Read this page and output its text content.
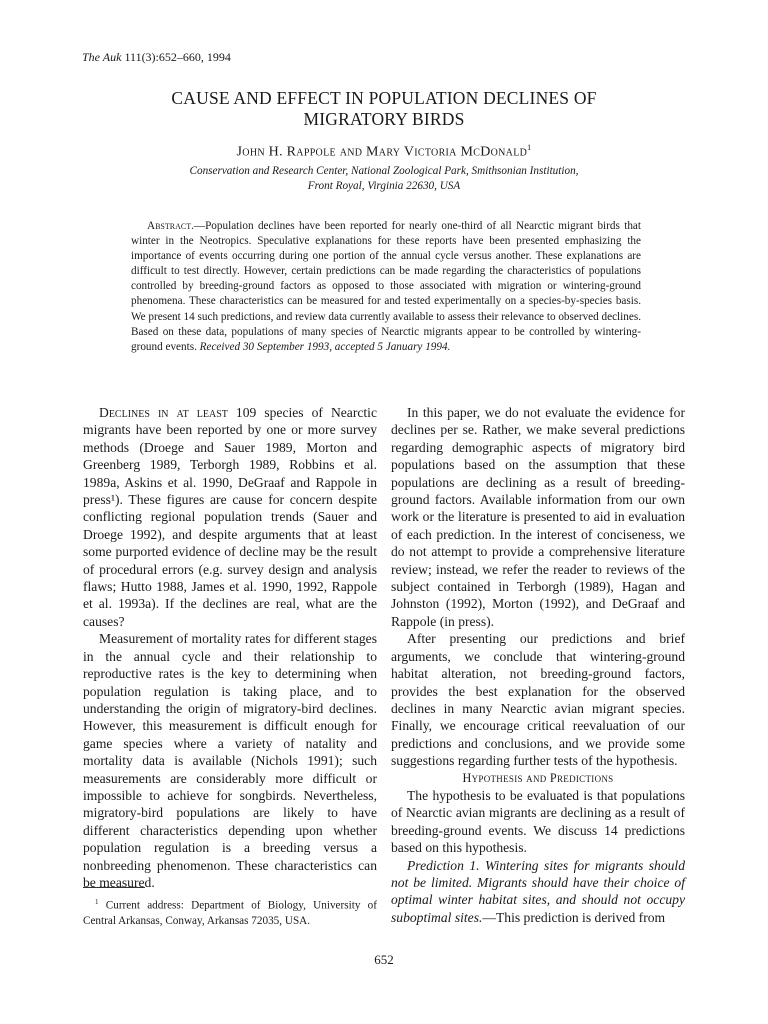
The Auk 111(3):652–660, 1994
CAUSE AND EFFECT IN POPULATION DECLINES OF
MIGRATORY BIRDS
John H. Rappole and Mary Victoria McDonald$^1$
Conservation and Research Center, National Zoological Park, Smithsonian Institution,
Front Royal, Virginia 22630, USA
Abstract.—Population declines have been reported for nearly one-third of all Nearctic migrant birds that winter in the Neotropics. Speculative explanations for these reports have been presented emphasizing the importance of events occurring during one portion of the annual cycle versus another. These explanations are difficult to test directly. However, certain predictions can be made regarding the characteristics of populations controlled by breeding-ground factors as opposed to those associated with migration or wintering-ground phenomena. These characteristics can be measured for and tested experimentally on a species-by-species basis. We present 14 such predictions, and review data currently available to assess their relevance to observed declines. Based on these data, populations of many species of Nearctic migrants appear to be controlled by wintering-ground events. Received 30 September 1993, accepted 5 January 1994.

Declines in at least 109 species of Nearctic migrants have been reported by one or more survey methods (Droege and Sauer 1989, Morton and Greenberg 1989, Terborgh 1989, Robbins et al. 1989a, Askins et al. 1990, DeGraaf and Rappole in press¹). These figures are cause for concern despite conflicting regional population trends (Sauer and Droege 1992), and despite arguments that at least some purported evidence of decline may be the result of procedural errors (e.g. survey design and analysis flaws; Hutto 1988, James et al. 1990, 1992, Rappole et al. 1993a). If the declines are real, what are the causes?

Measurement of mortality rates for different stages in the annual cycle and their relationship to reproductive rates is the key to determining when population regulation is taking place, and to understanding the origin of migratory-bird declines. However, this measurement is difficult enough for game species where a variety of natality and mortality data is available (Nichols 1991); such measurements are considerably more difficult or impossible to achieve for songbirds. Nevertheless, migratory-bird populations are likely to have different characteristics depending upon whether population regulation is a breeding versus a nonbreeding phenomenon. These characteristics can be measured.

In this paper, we do not evaluate the evidence for declines per se. Rather, we make several predictions regarding demographic aspects of migratory bird populations based on the assumption that these populations are declining as a result of breeding-ground factors. Available information from our own work or the literature is presented to aid in evaluation of each prediction. In the interest of conciseness, we do not attempt to provide a comprehensive literature review; instead, we refer the reader to reviews of the subject contained in Terborgh (1989), Hagan and Johnston (1992), Morton (1992), and DeGraaf and Rappole (in press).

After presenting our predictions and brief arguments, we conclude that wintering-ground habitat alteration, not breeding-ground factors, provides the best explanation for the observed declines in many Nearctic avian migrant species. Finally, we encourage critical reevaluation of our predictions and conclusions, and we provide some suggestions regarding further tests of the hypothesis.

Hypothesis and Predictions

The hypothesis to be evaluated is that populations of Nearctic avian migrants are declining as a result of breeding-ground events. We discuss 14 predictions based on this hypothesis.

Prediction 1. Wintering sites for migrants should not be limited. Migrants should have their choice of optimal winter habitat sites, and should not occupy suboptimal sites.—This prediction is derived from

$^1$ Current address: Department of Biology, University of Central Arkansas, Conway, Arkansas 72035, USA.
652
